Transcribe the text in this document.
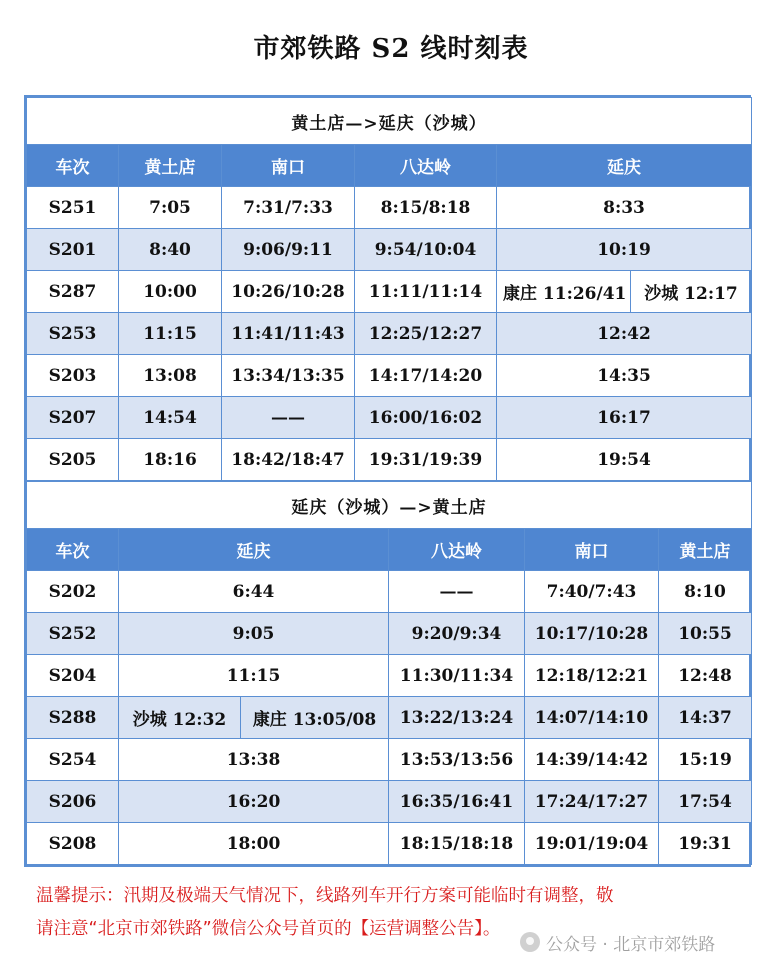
市郊铁路 S2 线时刻表
黄土店—>延庆（沙城）					
车次	黄土店	南口	八达岭	延庆	
S251	7:05	7:31/7:33	8:15/8:18	8:33	
S201	8:40	9:06/9:11	9:54/10:04	10:19	
S287	10:00	10:26/10:28	11:11/11:14	康庄 11:26/41	沙城 12:17
S253	11:15	11:41/11:43	12:25/12:27	12:42	
S203	13:08	13:34/13:35	14:17/14:20	14:35	
S207	14:54	——	16:00/16:02	16:17	
S205	18:16	18:42/18:47	19:31/19:39	19:54	
延庆（沙城）—>黄土店					
车次	延庆		八达岭	南口	黄土店
S202	6:44		——	7:40/7:43	8:10
S252	9:05		9:20/9:34	10:17/10:28	10:55
S204	11:15		11:30/11:34	12:18/12:21	12:48
S288	沙城 12:32	康庄 13:05/08	13:22/13:24	14:07/14:10	14:37
S254	13:38		13:53/13:56	14:39/14:42	15:19
S206	16:20		16:35/16:41	17:24/17:27	17:54
S208	18:00		18:15/18:18	19:01/19:04	19:31
温馨提示：汛期及极端天气情况下，线路列车开行方案可能临时有调整，敬
请注意“北京市郊铁路”微信公众号首页的【运营调整公告】。
公众号 · 北京市郊铁路
